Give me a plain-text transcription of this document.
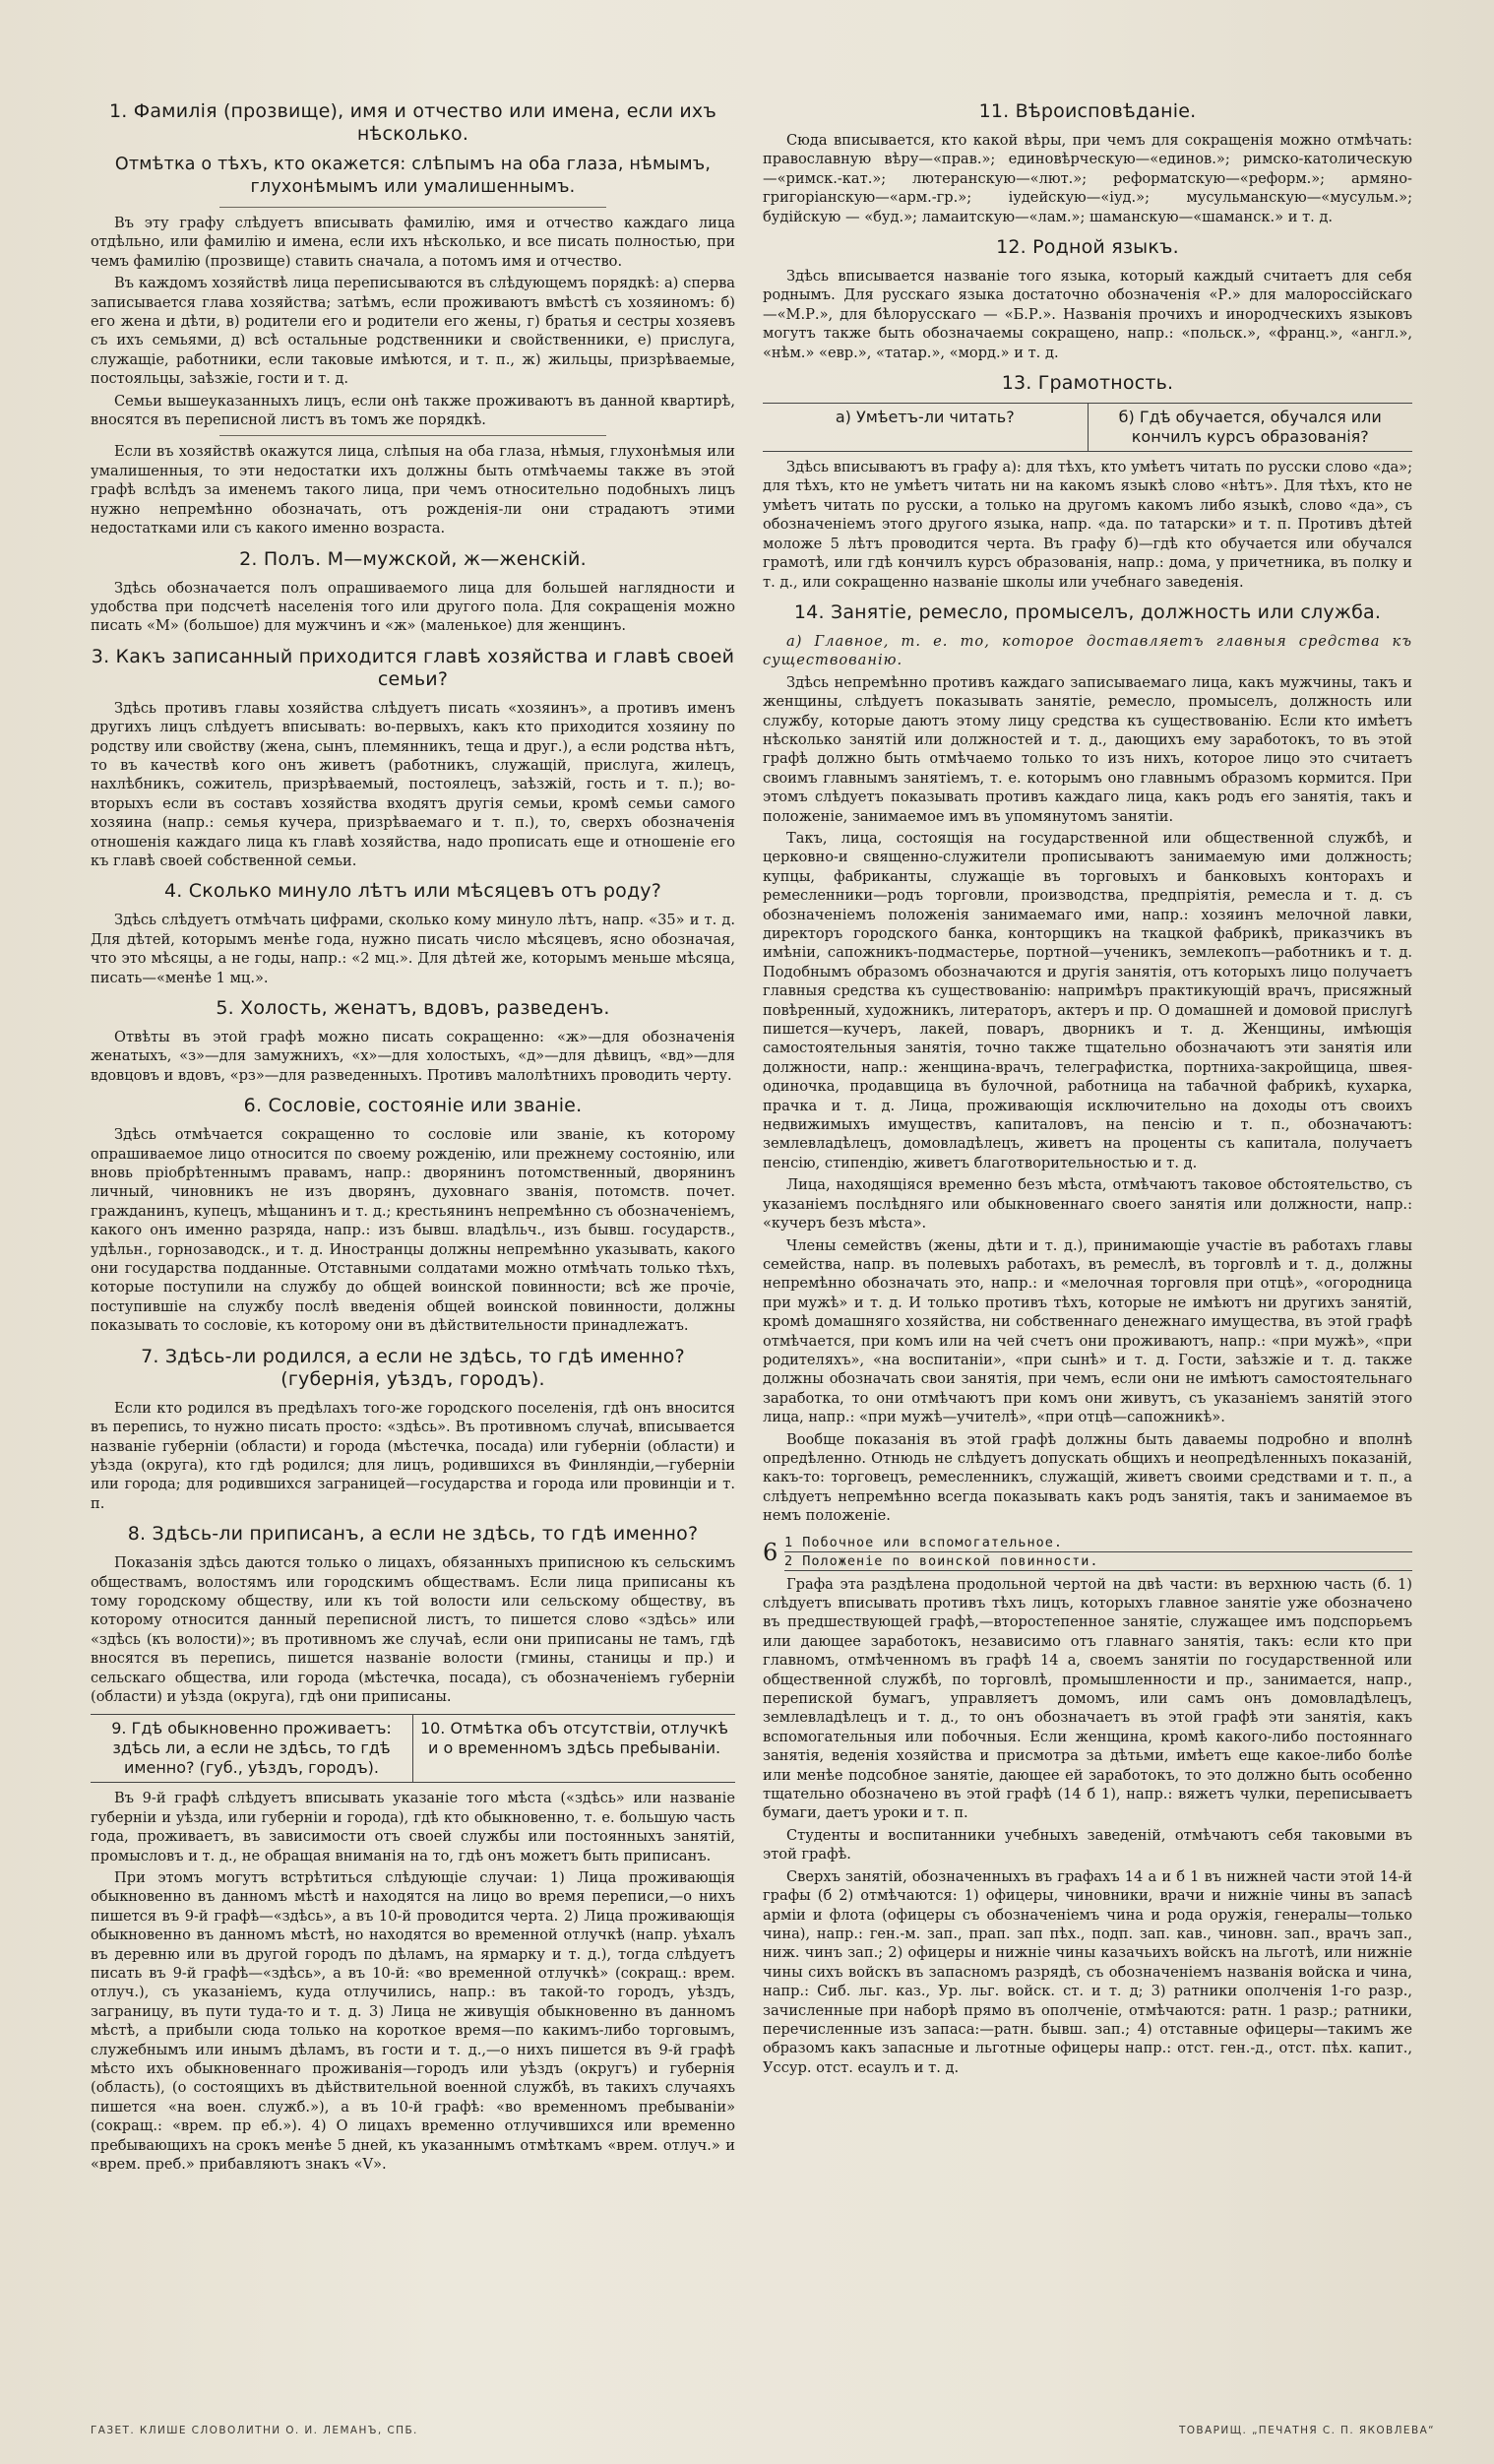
1. Фамилія (прозвище), имя и отчество или имена, если ихъ нѣсколько.
Отмѣтка о тѣхъ, кто окажется: слѣпымъ на оба глаза, нѣмымъ, глухонѣмымъ или умалишеннымъ.

Въ эту графу слѣдуетъ вписывать фамилію, имя и отчество каждаго лица отдѣльно, или фамилію и имена, если ихъ нѣсколько, и все писать полностью, при чемъ фамилію (прозвище) ставить сначала, а потомъ имя и отчество.

Въ каждомъ хозяйствѣ лица переписываются въ слѣдующемъ порядкѣ: а) сперва записывается глава хозяйства; затѣмъ, если проживаютъ вмѣстѣ съ хозяиномъ: б) его жена и дѣти, в) родители его и родители его жены, г) братья и сестры хозяевъ съ ихъ семьями, д) всѣ остальные родственники и свойственники, е) прислуга, служащіе, работники, если таковые имѣются, и т. п., ж) жильцы, призрѣваемые, постояльцы, заѣзжіе, гости и т. д.

Семьи вышеуказанныхъ лицъ, если онѣ также проживаютъ въ данной квартирѣ, вносятся въ переписной листъ въ томъ же порядкѣ.

Если въ хозяйствѣ окажутся лица, слѣпыя на оба глаза, нѣмыя, глухонѣмыя или умалишенныя, то эти недостатки ихъ должны быть отмѣчаемы также въ этой графѣ вслѣдъ за именемъ такого лица, при чемъ относительно подобныхъ лицъ нужно непремѣнно обозначать, отъ рожденія-ли они страдаютъ этими недостатками или съ какого именно возраста.

2. Полъ. М—мужской, ж—женскій.

Здѣсь обозначается полъ опрашиваемого лица для большей наглядности и удобства при подсчетѣ населенія того или другого пола. Для сокращенія можно писать «М» (большое) для мужчинъ и «ж» (маленькое) для женщинъ.

3. Какъ записанный приходится главѣ хозяйства и главѣ своей семьи?

Здѣсь противъ главы хозяйства слѣдуетъ писать «хозяинъ», а противъ именъ другихъ лицъ слѣдуетъ вписывать: во-первыхъ, какъ кто приходится хозяину по родству или свойству (жена, сынъ, племянникъ, теща и друг.), а если родства нѣтъ, то въ качествѣ кого онъ живетъ (работникъ, служащій, прислуга, жилецъ, нахлѣбникъ, сожитель, призрѣваемый, постоялецъ, заѣзжій, гость и т. п.); во-вторыхъ если въ составъ хозяйства входятъ другія семьи, кромѣ семьи самого хозяина (напр.: семья кучера, призрѣваемаго и т. п.), то, сверхъ обозначенія отношенія каждаго лица къ главѣ хозяйства, надо прописать еще и отношеніе его къ главѣ своей собственной семьи.

4. Сколько минуло лѣтъ или мѣсяцевъ отъ роду?

Здѣсь слѣдуетъ отмѣчать цифрами, сколько кому минуло лѣтъ, напр. «35» и т. д. Для дѣтей, которымъ менѣе года, нужно писать число мѣсяцевъ, ясно обозначая, что это мѣсяцы, а не годы, напр.: «2 мц.». Для дѣтей же, которымъ меньше мѣсяца, писать—«менѣе 1 мц.».

5. Холость, женатъ, вдовъ, разведенъ.

Отвѣты въ этой графѣ можно писать сокращенно: «ж»—для обозначенія женатыхъ, «з»—для замужнихъ, «х»—для холостыхъ, «д»—для дѣвицъ, «вд»—для вдовцовъ и вдовъ, «рз»—для разведенныхъ. Противъ малолѣтнихъ проводить черту.

6. Сословіе, состояніе или званіе.

Здѣсь отмѣчается сокращенно то сословіе или званіе, къ которому опрашиваемое лицо относится по своему рожденію, или прежнему состоянію, или вновь пріобрѣтеннымъ правамъ, напр.: дворянинъ потомственный, дворянинъ личный, чиновникъ не изъ дворянъ, духовнаго званія, потомств. почет. гражданинъ, купецъ, мѣщанинъ и т. д.; крестьянинъ непремѣнно съ обозначеніемъ, какого онъ именно разряда, напр.: изъ бывш. владѣльч., изъ бывш. государств., удѣльн., горнозаводск., и т. д. Иностранцы должны непремѣнно указывать, какого они государства подданные. Отставными солдатами можно отмѣчать только тѣхъ, которые поступили на службу до общей воинской повинности; всѣ же прочіе, поступившіе на службу послѣ введенія общей воинской повинности, должны показывать то сословіе, къ которому они въ дѣйствительности принадлежатъ.

7. Здѣсь-ли родился, а если не здѣсь, то гдѣ именно? (губернія, уѣздъ, городъ).

Если кто родился въ предѣлахъ того-же городского поселенія, гдѣ онъ вносится въ перепись, то нужно писать просто: «здѣсь». Въ противномъ случаѣ, вписывается названіе губерніи (области) и города (мѣстечка, посада) или губерніи (области) и уѣзда (округа), кто гдѣ родился; для лицъ, родившихся въ Финляндіи,—губерніи или города; для родившихся заграницей—государства и города или провинціи и т. п.

8. Здѣсь-ли приписанъ, а если не здѣсь, то гдѣ именно?

Показанія здѣсь даются только о лицахъ, обязанныхъ приписною къ сельскимъ обществамъ, волостямъ или городскимъ обществамъ. Если лица приписаны къ тому городскому обществу, или къ той волости или сельскому обществу, въ которому относится данный переписной листъ, то пишется слово «здѣсь» или «здѣсь (къ волости)»; въ противномъ же случаѣ, если они приписаны не тамъ, гдѣ вносятся въ перепись, пишется названіе волости (гмины, станицы и пр.) и сельскаго общества, или города (мѣстечка, посада), съ обозначеніемъ губерніи (области) и уѣзда (округа), гдѣ они приписаны.

9. Гдѣ обыкновенно проживаетъ: здѣсь ли, а если не здѣсь, то гдѣ именно? (губ., уѣздъ, городъ).
10. Отмѣтка объ отсутствіи, отлучкѣ и о временномъ здѣсь пребываніи.

Въ 9-й графѣ слѣдуетъ вписывать указаніе того мѣста («здѣсь» или названіе губерніи и уѣзда, или губерніи и города), гдѣ кто обыкновенно, т. е. большую часть года, проживаетъ, въ зависимости отъ своей службы или постоянныхъ занятій, промысловъ и т. д., не обращая вниманія на то, гдѣ онъ можетъ быть приписанъ.

При этомъ могутъ встрѣтиться слѣдующіе случаи: 1) Лица проживающія обыкновенно въ данномъ мѣстѣ и находятся на лицо во время переписи,—о нихъ пишется въ 9-й графѣ—«здѣсь», а въ 10-й проводится черта. 2) Лица проживающія обыкновенно въ данномъ мѣстѣ, но находятся во временной отлучкѣ (напр. уѣхалъ въ деревню или въ другой городъ по дѣламъ, на ярмарку и т. д.), тогда слѣдуетъ писать въ 9-й графѣ—«здѣсь», а въ 10-й: «во временной отлучкѣ» (сокращ.: врем. отлуч.), съ указаніемъ, куда отлучились, напр.: въ такой-то городъ, уѣздъ, заграницу, въ пути туда-то и т. д. 3) Лица не живущія обыкновенно въ данномъ мѣстѣ, а прибыли сюда только на короткое время—по какимъ-либо торговымъ, служебнымъ или инымъ дѣламъ, въ гости и т. д.,—о нихъ пишется въ 9-й графѣ мѣсто ихъ обыкновеннаго проживанія—городъ или уѣздъ (округъ) и губернія (область), (о состоящихъ въ дѣйствительной военной службѣ, въ такихъ случаяхъ пишется «на воен. служб.»), а въ 10-й графѣ: «во временномъ пребываніи» (сокращ.: «врем. пр еб.»). 4) О лицахъ временно отлучившихся или временно пребывающихъ на срокъ менѣе 5 дней, къ указаннымъ отмѣткамъ «врем. отлуч.» и «врем. преб.» прибавляютъ знакъ «V».

11. Вѣроисповѣданіе.

Сюда вписывается, кто какой вѣры, при чемъ для сокращенія можно отмѣчать: православную вѣру—«прав.»; единовѣрческую—«единов.»; римско-католическую—«римск.-кат.»; лютеранскую—«лют.»; реформатскую—«реформ.»; армяно-григоріанскую—«арм.-гр.»; іудейскую—«іуд.»; мусульманскую—«мусульм.»; будійскую — «буд.»; ламаитскую—«лам.»; шаманскую—«шаманск.» и т. д.

12. Родной языкъ.

Здѣсь вписывается названіе того языка, который каждый считаетъ для себя роднымъ. Для русскаго языка достаточно обозначенія «Р.» для малороссійскаго—«М.Р.», для бѣлорусскаго — «Б.Р.». Названія прочихъ и инородческихъ языковъ могутъ также быть обозначаемы сокращено, напр.: «польск.», «франц.», «англ.», «нѣм.» «евр.», «татар.», «морд.» и т. д.

13. Грамотность.
а) Умѣетъ-ли читать?	б) Гдѣ обучается, обучался или кончилъ курсъ образованія?

Здѣсь вписываютъ въ графу а): для тѣхъ, кто умѣетъ читать по русски слово «да»; для тѣхъ, кто не умѣетъ читать ни на какомъ языкѣ слово «нѣтъ». Для тѣхъ, кто не умѣетъ читать по русски, а только на другомъ какомъ либо языкѣ, слово «да», съ обозначеніемъ этого другого языка, напр. «да. по татарски» и т. п. Противъ дѣтей моложе 5 лѣтъ проводится черта. Въ графу б)—гдѣ кто обучается или обучался грамотѣ, или гдѣ кончилъ курсъ образованія, напр.: дома, у причетника, въ полку и т. д., или сокращенно названіе школы или учебнаго заведенія.

14. Занятіе, ремесло, промыселъ, должность или служба.

а) Главное, т. е. то, которое доставляетъ главныя средства къ существованію.

Здѣсь непремѣнно противъ каждаго записываемаго лица, какъ мужчины, такъ и женщины, слѣдуетъ показывать занятіе, ремесло, промыселъ, должность или службу, которые даютъ этому лицу средства къ существованію. Если кто имѣетъ нѣсколько занятій или должностей и т. д., дающихъ ему заработокъ, то въ этой графѣ должно быть отмѣчаемо только то изъ нихъ, которое лицо это считаетъ своимъ главнымъ занятіемъ, т. е. которымъ оно главнымъ образомъ кормится. При этомъ слѣдуетъ показывать противъ каждаго лица, какъ родъ его занятія, такъ и положеніе, занимаемое имъ въ упомянутомъ занятіи.

Такъ, лица, состоящія на государственной или общественной службѣ, и церковно-и священно-служители прописываютъ занимаемую ими должность; купцы, фабриканты, служащіе въ торговыхъ и банковыхъ конторахъ и ремесленники—родъ торговли, производства, предпріятія, ремесла и т. д. съ обозначеніемъ положенія занимаемаго ими, напр.: хозяинъ мелочной лавки, директоръ городского банка, конторщикъ на ткацкой фабрикѣ, приказчикъ въ имѣніи, сапожникъ-подмастерье, портной—ученикъ, землекопъ—работникъ и т. д. Подобнымъ образомъ обозначаются и другія занятія, отъ которыхъ лицо получаетъ главныя средства къ существованію: напримѣръ практикующій врачъ, присяжный повѣренный, художникъ, литераторъ, актеръ и пр. О домашней и домовой прислугѣ пишется—кучеръ, лакей, поваръ, дворникъ и т. д. Женщины, имѣющія самостоятельныя занятія, точно также тщательно обозначаютъ эти занятія или должности, напр.: женщина-врачъ, телеграфистка, портниха-закройщица, швея-одиночка, продавщица въ булочной, работница на табачной фабрикѣ, кухарка, прачка и т. д. Лица, проживающія исключительно на доходы отъ своихъ недвижимыхъ имуществъ, капиталовъ, на пенсію и т. п., обозначаютъ: землевладѣлецъ, домовладѣлецъ, живетъ на проценты съ капитала, получаетъ пенсію, стипендію, живетъ благотворительностью и т. д.

Лица, находящіяся временно безъ мѣста, отмѣчаютъ таковое обстоятельство, съ указаніемъ послѣдняго или обыкновеннаго своего занятія или должности, напр.: «кучеръ безъ мѣста».

Члены семействъ (жены, дѣти и т. д.), принимающіе участіе въ работахъ главы семейства, напр. въ полевыхъ работахъ, въ ремеслѣ, въ торговлѣ и т. д., должны непремѣнно обозначать это, напр.: и «мелочная торговля при отцѣ», «огородница при мужѣ» и т. д. И только противъ тѣхъ, которые не имѣютъ ни другихъ занятій, кромѣ домашняго хозяйства, ни собственнаго денежнаго имущества, въ этой графѣ отмѣчается, при комъ или на чей счетъ они проживаютъ, напр.: «при мужѣ», «при родителяхъ», «на воспитаніи», «при сынѣ» и т. д. Гости, заѣзжіе и т. д. также должны обозначать свои занятія, при чемъ, если они не имѣютъ самостоятельнаго заработка, то они отмѣчаютъ при комъ они живутъ, съ указаніемъ занятій этого лица, напр.: «при мужѣ—учителѣ», «при отцѣ—сапожникѣ».

Вообще показанія въ этой графѣ должны быть даваемы подробно и вполнѣ опредѣленно. Отнюдь не слѣдуетъ допускать общихъ и неопредѣленныхъ показаній, какъ-то: торговецъ, ремесленникъ, служащій, живетъ своими средствами и т. п., а слѣдуетъ непремѣнно всегда показывать какъ родъ занятія, такъ и занимаемое въ немъ положеніе.

6 1 Побочное или вспомогательное.
2 Положеніе по воинской повинности.

Графа эта раздѣлена продольной чертой на двѣ части: въ верхнюю часть (б. 1) слѣдуетъ вписывать противъ тѣхъ лицъ, которыхъ главное занятіе уже обозначено въ предшествующей графѣ,—второстепенное занятіе, служащее имъ подспорьемъ или дающее заработокъ, независимо отъ главнаго занятія, такъ: если кто при главномъ, отмѣченномъ въ графѣ 14 а, своемъ занятіи по государственной или общественной службѣ, по торговлѣ, промышленности и пр., занимается, напр., перепиской бумагъ, управляетъ домомъ, или самъ онъ домовладѣлецъ, землевладѣлецъ и т. д., то онъ обозначаетъ въ этой графѣ эти занятія, какъ вспомогательныя или побочныя. Если женщина, кромѣ какого-либо постояннаго занятія, веденія хозяйства и присмотра за дѣтьми, имѣетъ еще какое-либо болѣе или менѣе подсобное занятіе, дающее ей заработокъ, то это должно быть особенно тщательно обозначено въ этой графѣ (14 б 1), напр.: вяжетъ чулки, переписываетъ бумаги, даетъ уроки и т. п.

Студенты и воспитанники учебныхъ заведеній, отмѣчаютъ себя таковыми въ этой графѣ.

Сверхъ занятій, обозначенныхъ въ графахъ 14 а и б 1 въ нижней части этой 14-й графы (б 2) отмѣчаются: 1) офицеры, чиновники, врачи и нижніе чины въ запасѣ арміи и флота (офицеры съ обозначеніемъ чина и рода оружія, генералы—только чина), напр.: ген.-м. зап., прап. зап пѣх., подп. зап. кав., чиновн. зап., врачъ зап., ниж. чинъ зап.; 2) офицеры и нижніе чины казачьихъ войскъ на льготѣ, или нижніе чины сихъ войскъ въ запасномъ разрядѣ, съ обозначеніемъ названія войска и чина, напр.: Сиб. льг. каз., Ур. льг. войск. ст. и т. д; 3) ратники ополченія 1-го разр., зачисленные при наборѣ прямо въ ополченіе, отмѣчаются: ратн. 1 разр.; ратники, перечисленные изъ запаса:—ратн. бывш. зап.; 4) отставные офицеры—такимъ же образомъ какъ запасные и льготные офицеры напр.: отст. ген.-д., отст. пѣх. капит., Уссур. отст. есаулъ и т. д.

ГАЗЕТ. КЛИШЕ СЛОВОЛИТНИ О. И. ЛЕМАНЪ, СПБ.	ТОВАРИЩ. „ПЕЧАТНЯ С. П. ЯКОВЛЕВА“
